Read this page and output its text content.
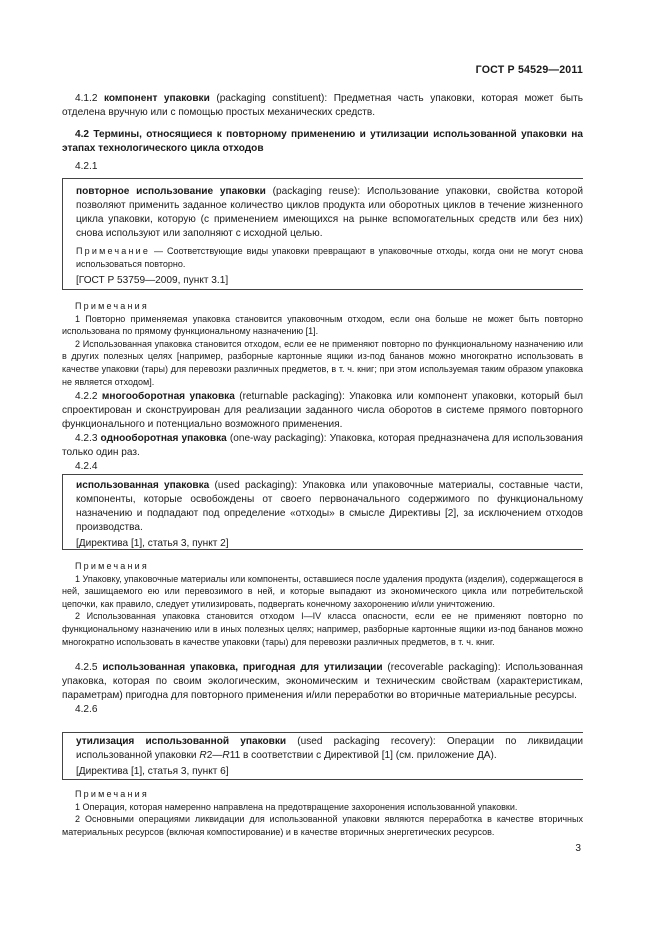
ГОСТ Р 54529—2011

4.1.2 компонент упаковки (packaging constituent): Предметная часть упаковки, которая может быть отделена вручную или с помощью простых механических средств.

4.2 Термины, относящиеся к повторному применению и утилизации использованной упаковки на этапах технологического цикла отходов

4.2.1

повторное использование упаковки (packaging reuse): Использование упаковки, свойства которой позволяют применить заданное количество циклов продукта или оборотных циклов в течение жизненного цикла упаковки, которую (с применением имеющихся на рынке вспомогательных средств или без них) снова используют или заполняют с исходной целью.
Примечание — Соответствующие виды упаковки превращают в упаковочные отходы, когда они не могут снова использоваться повторно.
[ГОСТ Р 53759—2009, пункт 3.1]

Примечания

1 Повторно применяемая упаковка становится упаковочным отходом, если она больше не может быть повторно использована по прямому функциональному назначению [1].

2 Использованная упаковка становится отходом, если ее не применяют повторно по функциональному назначению или в других полезных целях [например, разборные картонные ящики из-под бананов можно многократно использовать в качестве упаковки (тары) для перевозки различных предметов, в т. ч. книг; при этом используемая таким образом упаковка не является отходом].

4.2.2 многооборотная упаковка (returnable packaging): Упаковка или компонент упаковки, который был спроектирован и сконструирован для реализации заданного числа оборотов в системе прямого повторного функционального и потенциально возможного применения.

4.2.3 однооборотная упаковка (one-way packaging): Упаковка, которая предназначена для использования только один раз.

4.2.4

использованная упаковка (used packaging): Упаковка или упаковочные материалы, составные части, компоненты, которые освобождены от своего первоначального содержимого по функциональному назначению и подпадают под определение «отходы» в смысле Директивы [2], за исключением отходов производства.
[Директива [1], статья 3, пункт 2]

Примечания

1 Упаковку, упаковочные материалы или компоненты, оставшиеся после удаления продукта (изделия), содержащегося в ней, зашищаемого ею или перевозимого в ней, и которые выпадают из экономического цикла или потребительской цепочки, как правило, следует утилизировать, подвергать конечному захоронению и/или уничтожению.

2 Использованная упаковка становится отходом I—IV класса опасности, если ее не применяют повторно по функциональному назначению или в иных полезных целях; например, разборные картонные ящики из-под бананов можно многократно использовать в качестве упаковки (тары) для перевозки различных предметов, в т. ч. книг.

4.2.5 использованная упаковка, пригодная для утилизации (recoverable packaging): Использованная упаковка, которая по своим экологическим, экономическим и техническим свойствам (характеристикам, параметрам) пригодна для повторного применения и/или переработки во вторичные материальные ресурсы.

4.2.6

утилизация использованной упаковки (used packaging recovery): Операции по ликвидации использованной упаковки R2—R11 в соответствии с Директивой [1] (см. приложение ДА).
[Директива [1], статья 3, пункт 6]

Примечания

1 Операция, которая намеренно направлена на предотвращение захоронения использованной упаковки.

2 Основными операциями ликвидации для использованной упаковки являются переработка в качестве вторичных материальных ресурсов (включая компостирование) и в качестве вторичных энергетических ресурсов.

3
